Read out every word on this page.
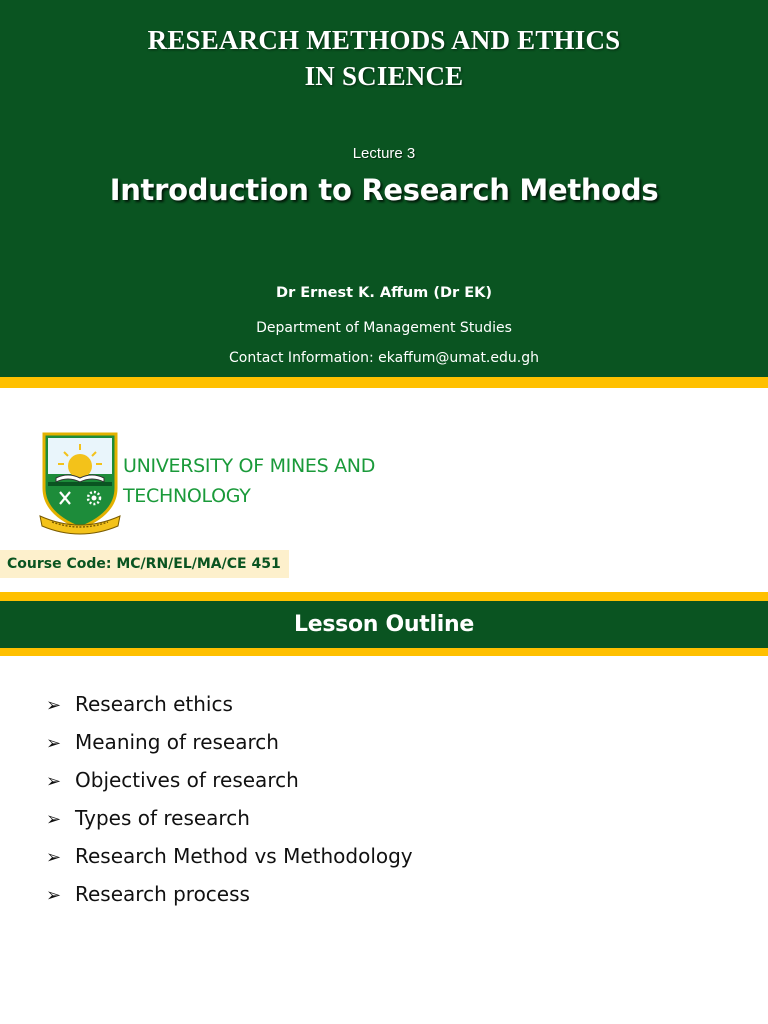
RESEARCH METHODS AND ETHICS
IN SCIENCE
Lecture 3
Introduction to Research Methods
Dr Ernest K. Affum (Dr EK)
Department of Management Studies
Contact Information: ekaffum@umat.edu.gh
UNIVERSITY OF MINES AND
TECHNOLOGY
Course Code: MC/RN/EL/MA/CE 451
Lesson Outline
➢ Research ethics
➢ Meaning of research
➢ Objectives of research
➢ Types of research
➢ Research Method vs Methodology
➢ Research process
